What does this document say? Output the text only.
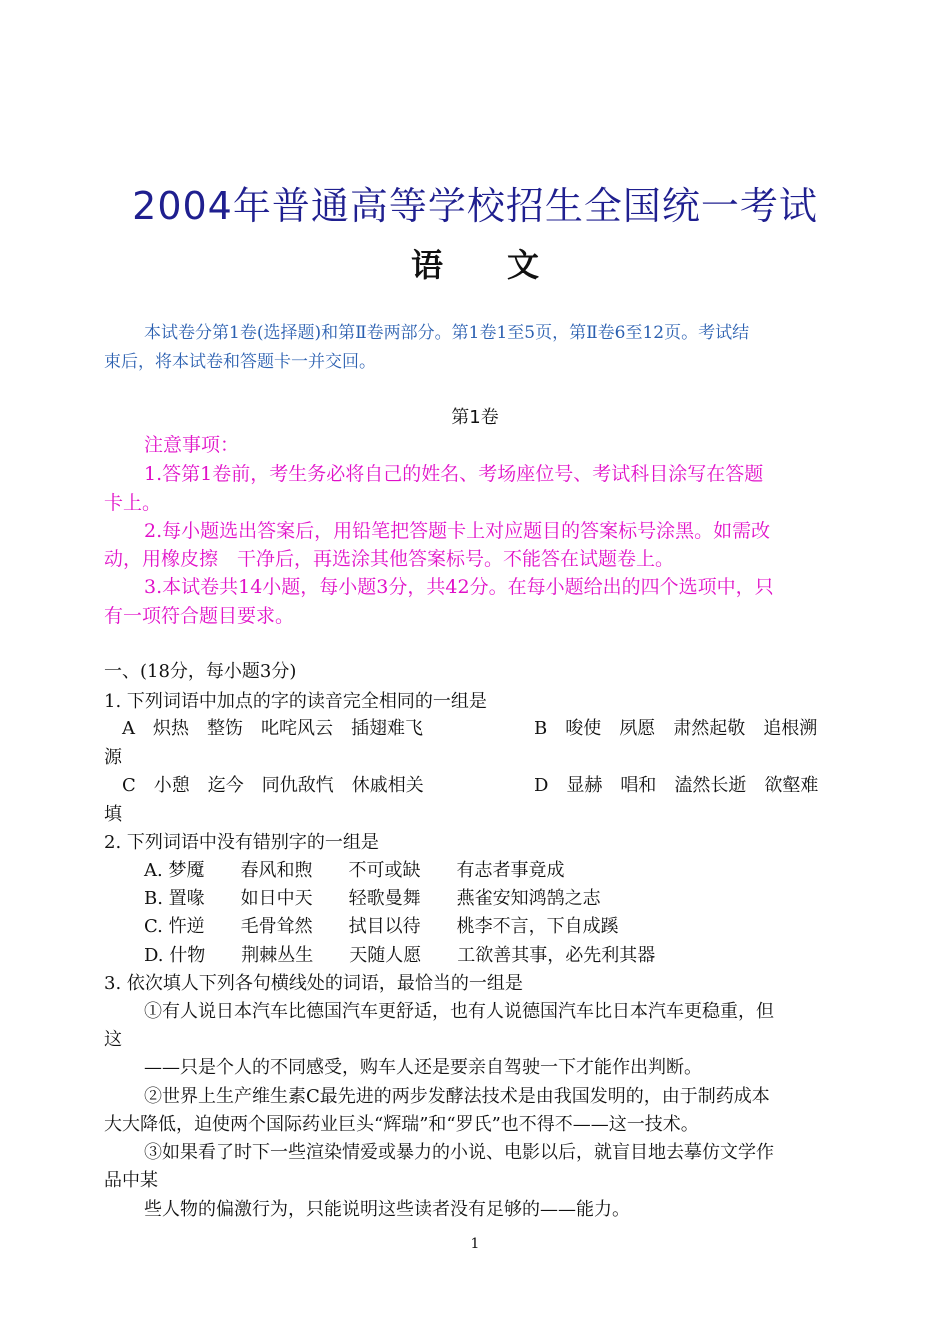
2004年普通高等学校招生全国统一考试
语　　文
本试卷分第1卷(选择题)和第Ⅱ卷两部分。第1卷1至5页，第Ⅱ卷6至12页。考试结
束后，将本试卷和答题卡一并交回。
第1卷
注意事项：
1.答第1卷前，考生务必将自己的姓名、考场座位号、考试科目涂写在答题
卡上。
2.每小题选出答案后，用铅笔把答题卡上对应题目的答案标号涂黑。如需改
动，用橡皮擦　干净后，再选涂其他答案标号。不能答在试题卷上。
3.本试卷共14小题，每小题3分，共42分。在每小题给出的四个选项中，只
有一项符合题目要求。
一、(18分，每小题3分)
1. 下列词语中加点的字的读音完全相同的一组是
A　炽热　整饬　叱咤风云　插翅难飞	B　唆使　夙愿　肃然起敬　追根溯
源
C　小憩　迄今　同仇敌忾　休戚相关	D　显赫　唱和　溘然长逝　欲壑难
填
2. 下列词语中没有错别字的一组是
A. 梦魇　　春风和煦　　不可或缺　　有志者事竟成
B. 置喙　　如日中天　　轻歌曼舞　　燕雀安知鸿鹄之志
C. 忤逆　　毛骨耸然　　拭目以待　　桃李不言，下自成蹊
D. 什物　　荆棘丛生　　天随人愿　　工欲善其事，必先利其器
3. 依次填人下列各句横线处的词语，最恰当的一组是
①有人说日本汽车比德国汽车更舒适，也有人说德国汽车比日本汽车更稳重，但
这
——只是个人的不同感受，购车人还是要亲自驾驶一下才能作出判断。
②世界上生产维生素C最先进的两步发酵法技术是由我国发明的，由于制药成本
大大降低，迫使两个国际药业巨头“辉瑞”和“罗氏”也不得不——这一技术。
③如果看了时下一些渲染情爱或暴力的小说、电影以后，就盲目地去摹仿文学作
品中某
些人物的偏激行为，只能说明这些读者没有足够的——能力。
1
